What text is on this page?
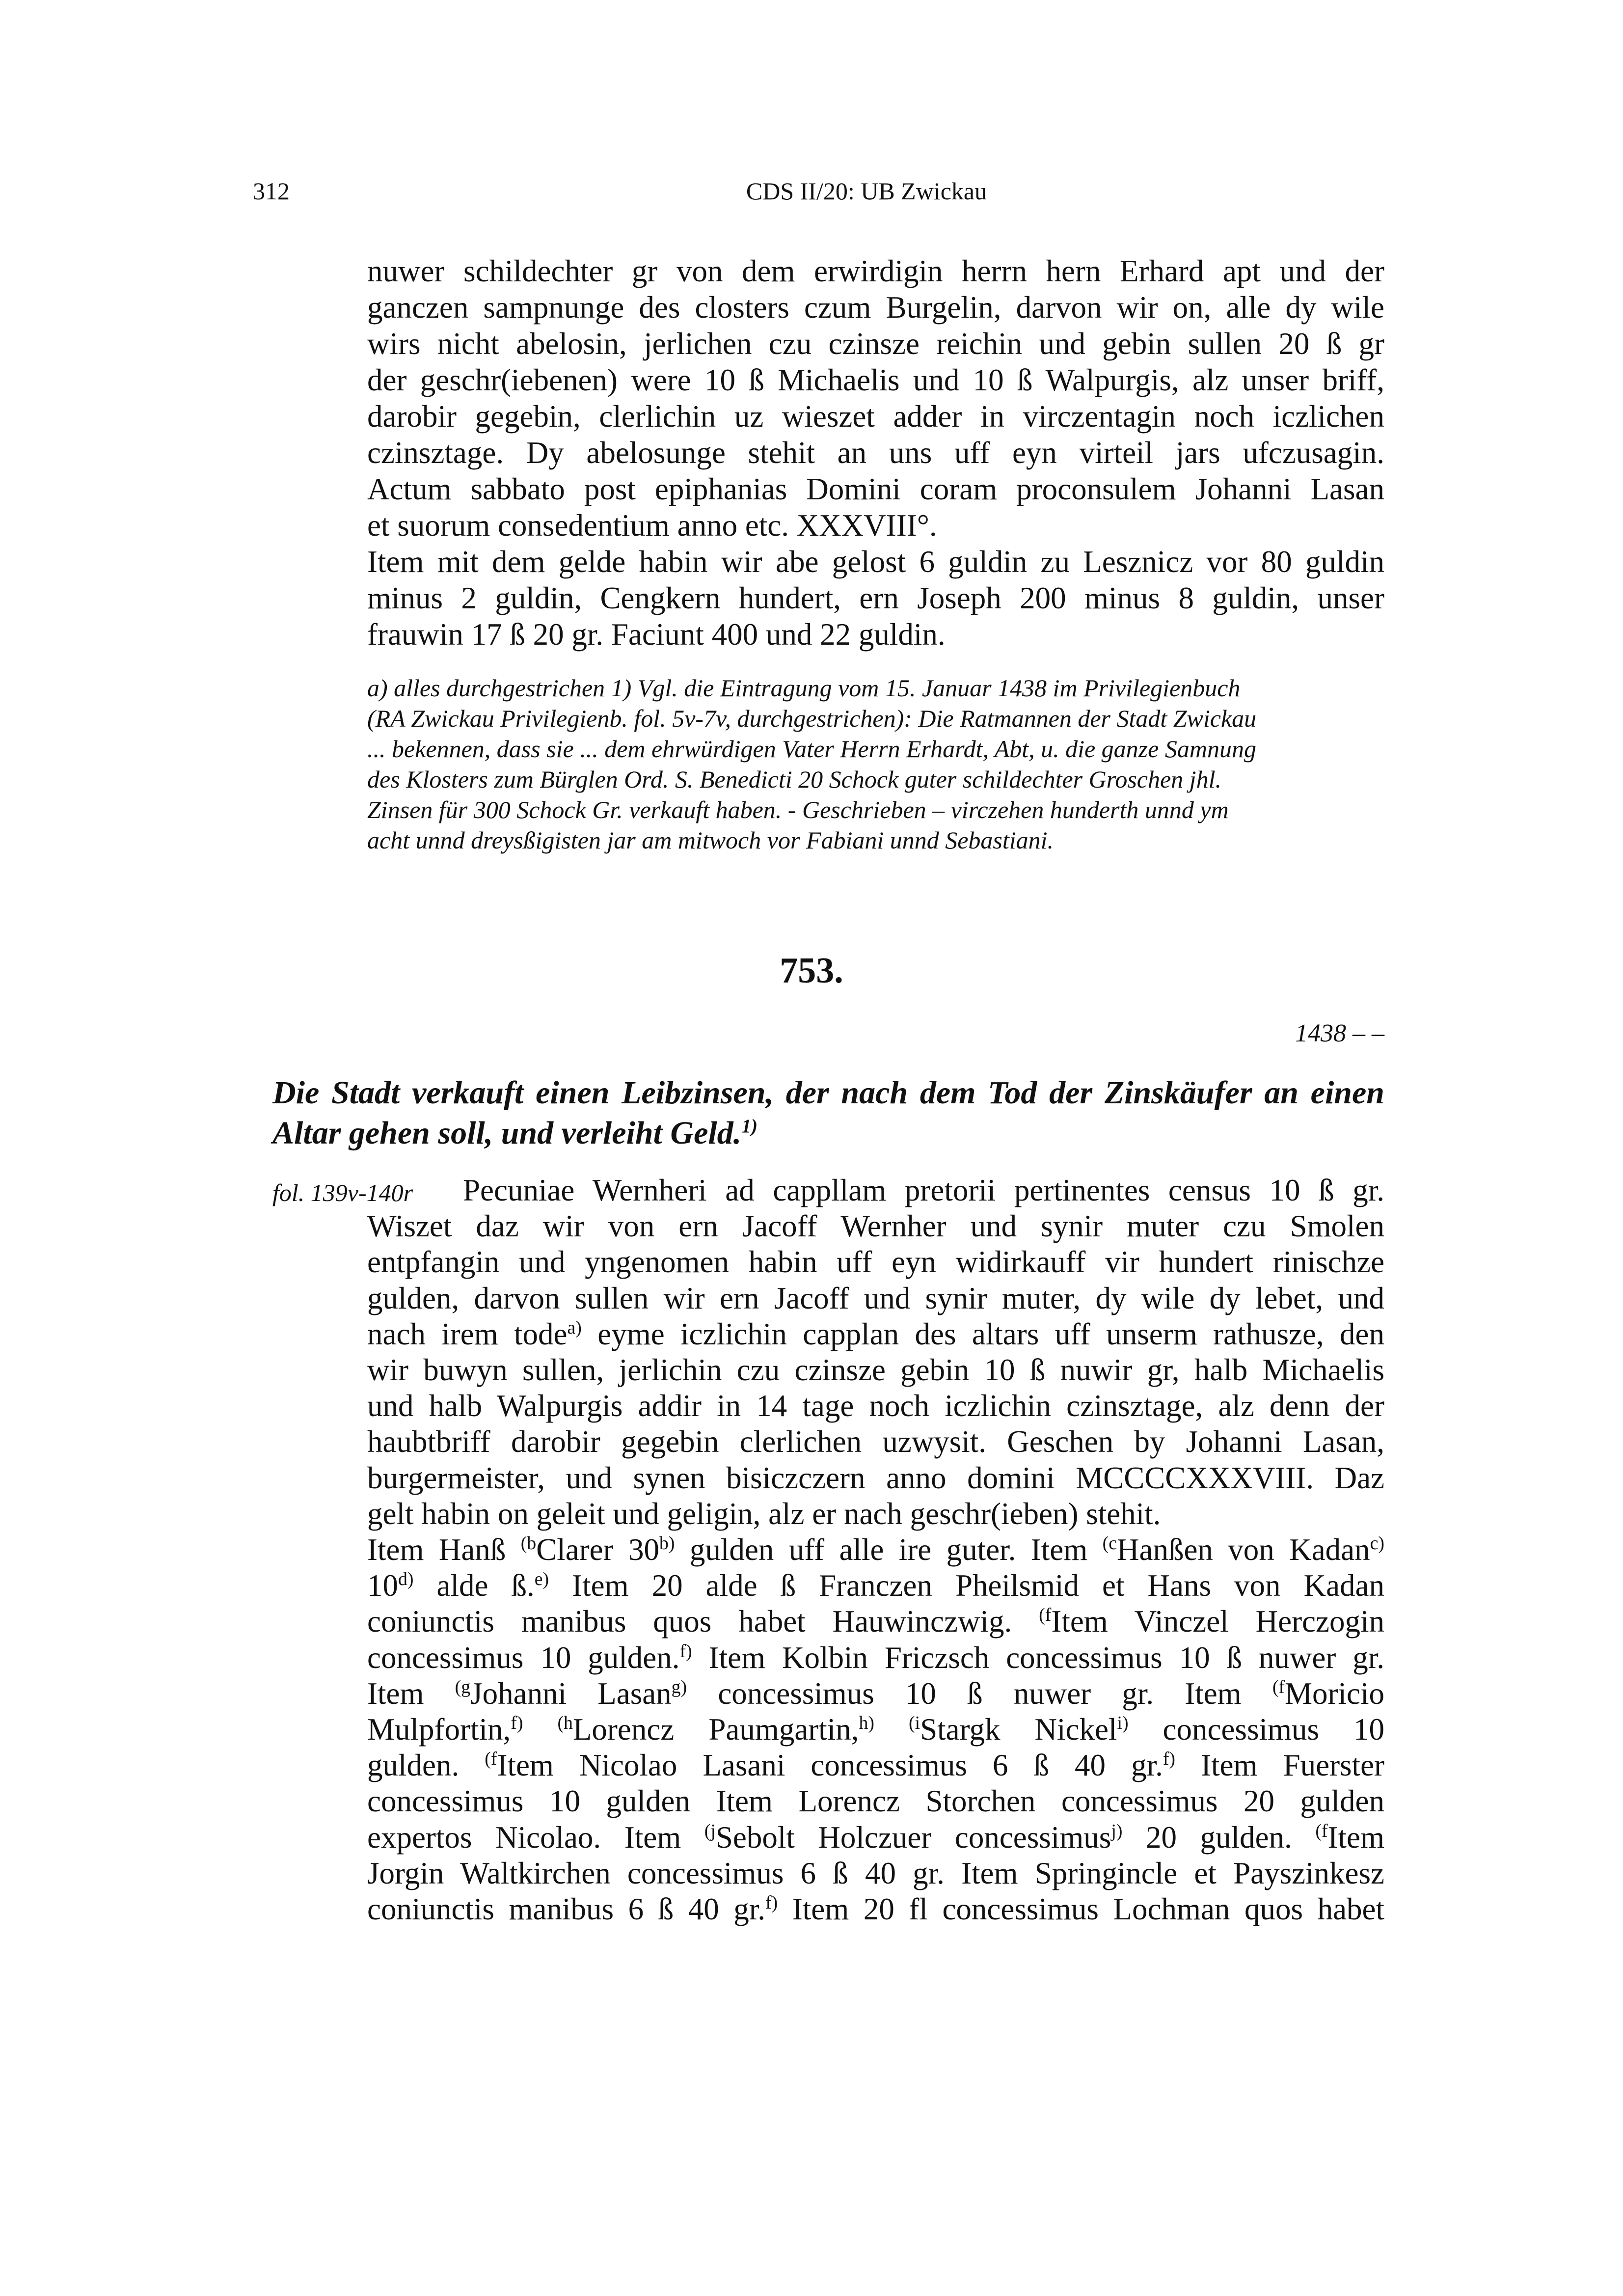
312	CDS II/20: UB Zwickau
nuwer schildechter gr von dem erwirdigin herrn hern Erhard apt und der
ganczen sampnunge des closters czum Burgelin, darvon wir on, alle dy wile
wirs nicht abelosin, jerlichen czu czinsze reichin und gebin sullen 20 ß gr
der geschr(iebenen) were 10 ß Michaelis und 10 ß Walpurgis, alz unser briff,
darobir gegebin, clerlichin uz wieszet adder in virczentagin noch iczlichen
czinsztage. Dy abelosunge stehit an uns uff eyn virteil jars ufczusagin.
Actum sabbato post epiphanias Domini coram proconsulem Johanni Lasan
et suorum consedentium anno etc. XXXVIII°.
Item mit dem gelde habin wir abe gelost 6 guldin zu Lesznicz vor 80 guldin
minus 2 guldin, Cengkern hundert, ern Joseph 200 minus 8 guldin, unser
frauwin 17 ß 20 gr. Faciunt 400 und 22 guldin.
a) alles durchgestrichen 1) Vgl. die Eintragung vom 15. Januar 1438 im Privilegienbuch
(RA Zwickau Privilegienb. fol. 5v-7v, durchgestrichen): Die Ratmannen der Stadt Zwickau
... bekennen, dass sie ... dem ehrwürdigen Vater Herrn Erhardt, Abt, u. die ganze Samnung
des Klosters zum Bürglen Ord. S. Benedicti 20 Schock guter schildechter Groschen jhl.
Zinsen für 300 Schock Gr. verkauft haben. - Geschrieben – virczehen hunderth unnd ym
acht unnd dreysßigisten jar am mitwoch vor Fabiani unnd Sebastiani.
753.
1438 – –
Die Stadt verkauft einen Leibzinsen, der nach dem Tod der Zinskäufer an einen
Altar gehen soll, und verleiht Geld.$^{1)}$
fol. 139v-140r	Pecuniae Wernheri ad cappllam pretorii pertinentes census 10 ß gr.
Wiszet daz wir von ern Jacoff Wernher und synir muter czu Smolen
entpfangin und yngenomen habin uff eyn widirkauff vir hundert rinischze
gulden, darvon sullen wir ern Jacoff und synir muter, dy wile dy lebet, und
nach irem tode$^{a)}$ eyme iczlichin capplan des altars uff unserm rathusze, den
wir buwyn sullen, jerlichin czu czinsze gebin 10 ß nuwir gr, halb Michaelis
und halb Walpurgis addir in 14 tage noch iczlichin czinsztage, alz denn der
haubtbriff darobir gegebin clerlichen uzwysit. Geschen by Johanni Lasan,
burgermeister, und synen bisiczczern anno domini MCCCCXXXVIII. Daz
gelt habin on geleit und geligin, alz er nach geschr(ieben) stehit.
Item Hanß $^{(b}$Clarer 30$^{b)}$ gulden uff alle ire guter. Item $^{(c}$Hanßen von Kadan$^{c)}$
10$^{d)}$ alde ß.$^{e)}$ Item 20 alde ß Franczen Pheilsmid et Hans von Kadan
coniunctis manibus quos habet Hauwinczwig. $^{(f}$Item Vinczel Herczogin
concessimus 10 gulden.$^{f)}$ Item Kolbin Friczsch concessimus 10 ß nuwer gr.
Item $^{(g}$Johanni Lasan$^{g)}$ concessimus 10 ß nuwer gr. Item $^{(f}$Moricio
Mulpfortin,$^{f)}$ $^{(h}$Lorencz Paumgartin,$^{h)}$ $^{(i}$Stargk Nickel$^{i)}$ concessimus 10
gulden. $^{(f}$Item Nicolao Lasani concessimus 6 ß 40 gr.$^{f)}$ Item Fuerster
concessimus 10 gulden Item Lorencz Storchen concessimus 20 gulden
expertos Nicolao. Item $^{(j}$Sebolt Holczuer concessimus$^{j)}$ 20 gulden. $^{(f}$Item
Jorgin Waltkirchen concessimus 6 ß 40 gr. Item Springincle et Payszinkesz
coniunctis manibus 6 ß 40 gr.$^{f)}$ Item 20 fl concessimus Lochman quos habet
